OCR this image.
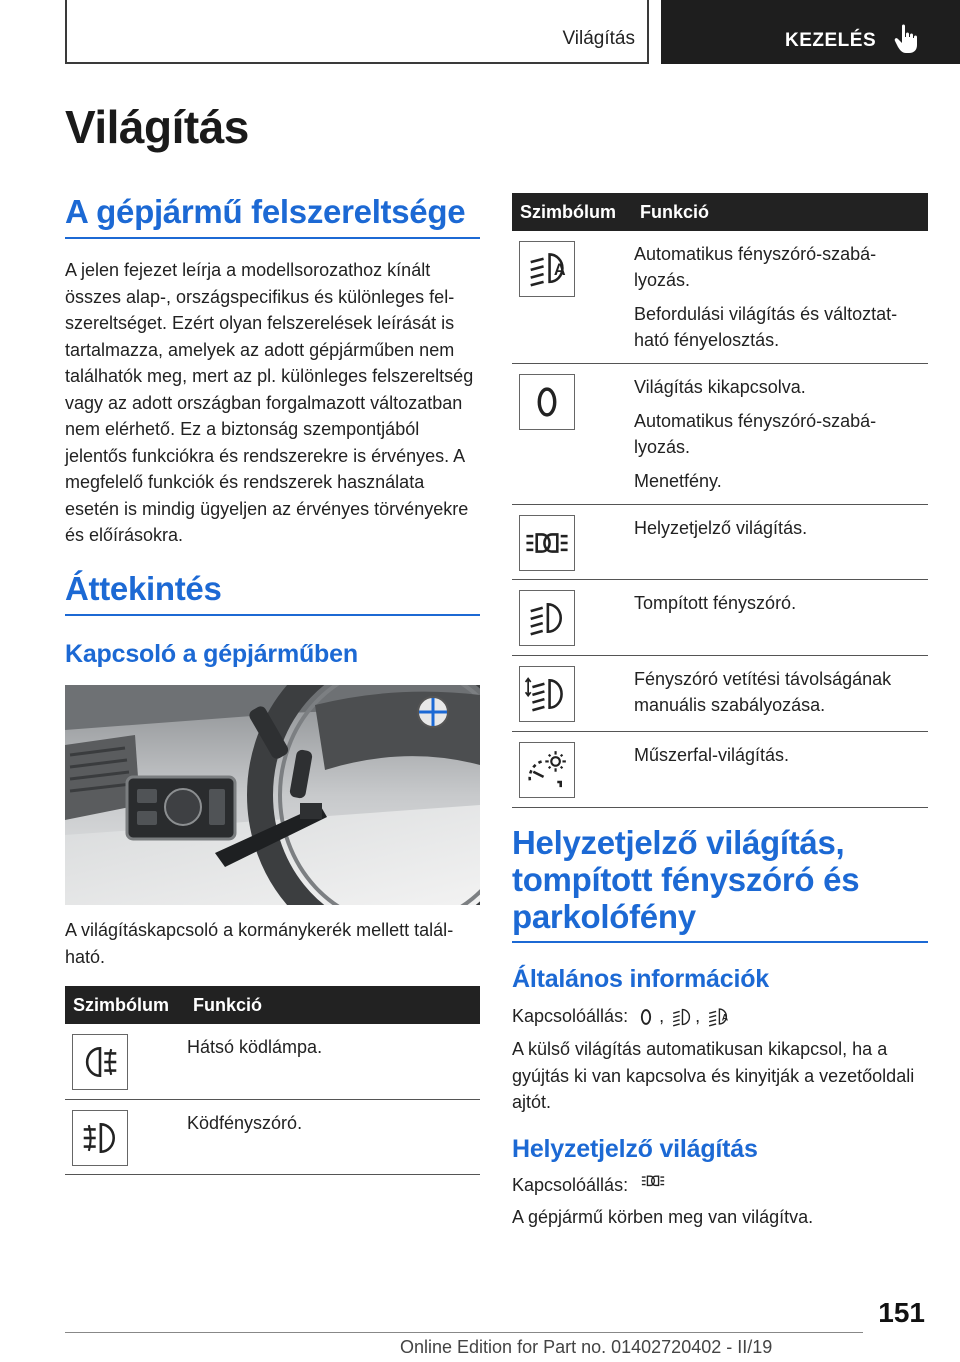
Világítás	KEZELÉS
Világítás
A gépjármű felszereltsége
A jelen fejezet leírja a modellsorozathoz kínált összes alap-, országspecifikus és különleges felszereltséget. Ezért olyan felszerelések leírását is tartalmazza, amelyek az adott gépjárműben nem találhatók meg, mert az pl. különleges felszereltség vagy az adott országban forgalmazott változatban nem elérhető. Ez a biztonság szempontjából jelentős funkciókra és rendszerekre is érvényes. A megfelelő funkciók és rendszerek használata esetén is mindig ügyeljen az érvényes törvényekre és előírásokra.
Áttekintés
Kapcsoló a gépjárműben
A világításkapcsoló a kormánykerék mellett található.
Szimbólum	Funkció

Hátsó ködlámpa.

Ködfényszóró.
Szimbólum	Funkció

Automatikus fényszóró-szabályozás.
Befordulási világítás és változtatható fényelosztás.

Világítás kikapcsolva.
Automatikus fényszóró-szabályozás.
Menetfény.

Helyzetjelző világítás.

Tompított fényszóró.

Fényszóró vetítési távolságának manuális szabályozása.

Műszerfal-világítás.
Helyzetjelző világítás, tompított fényszóró és parkolófény
Általános információk
Kapcsolóállás: , ,
A külső világítás automatikusan kikapcsol, ha a gyújtás ki van kapcsolva és kinyitják a vezetőoldali ajtót.
Helyzetjelző világítás
Kapcsolóállás:
A gépjármű körben meg van világítva.
151
Online Edition for Part no. 01402720402 - II/19
